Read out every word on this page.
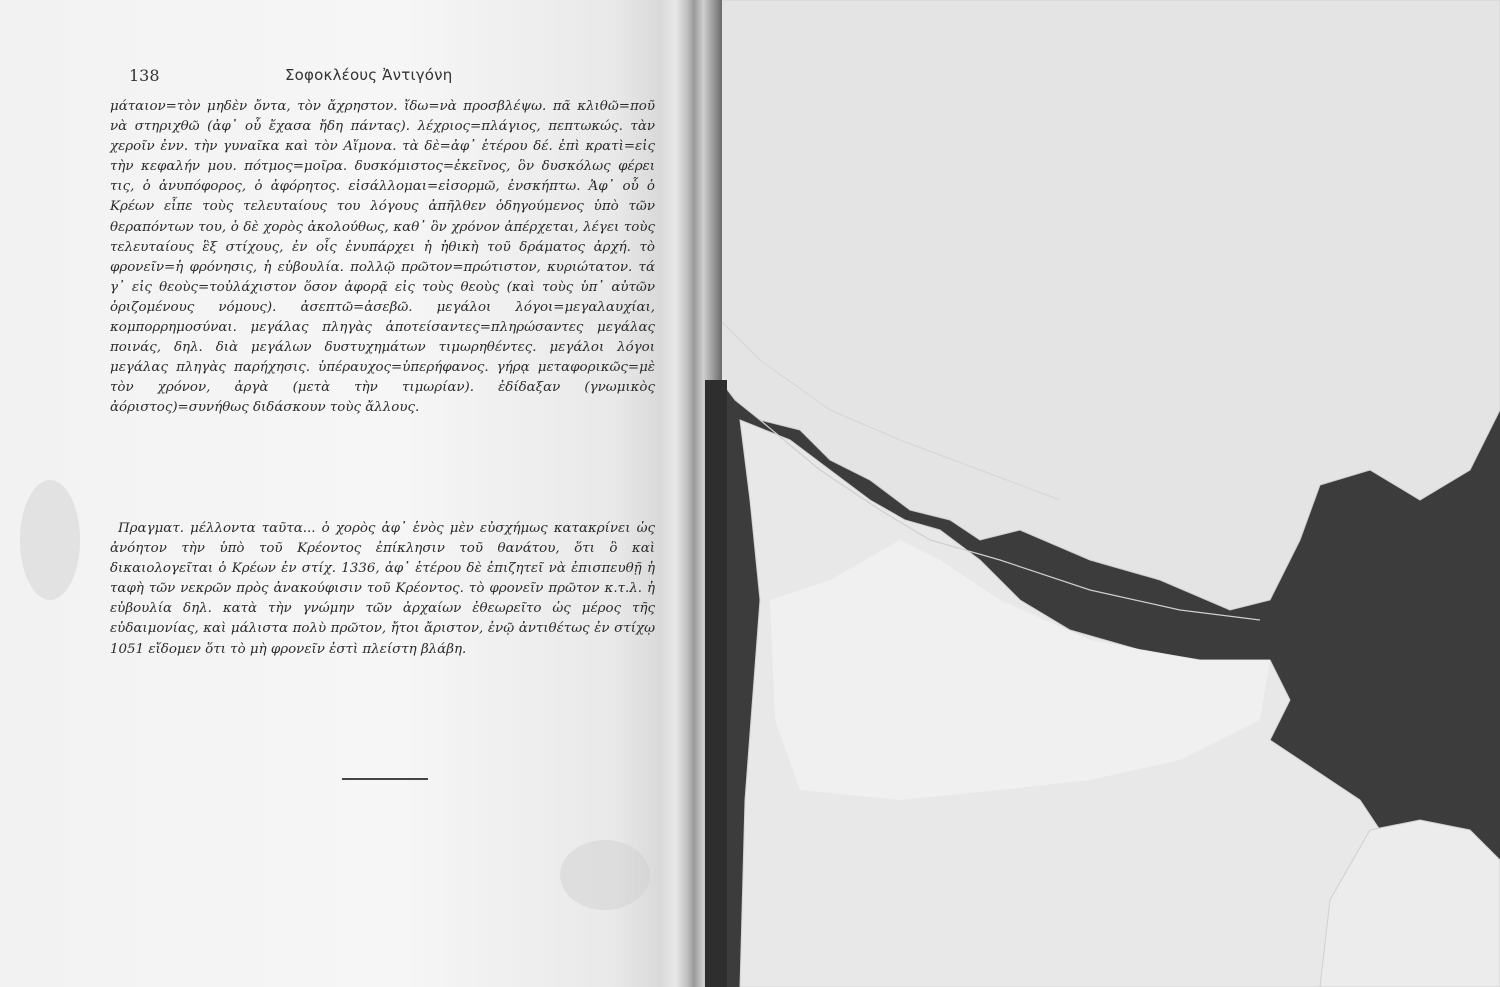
138	Σοφοκλέους Ἀντιγόνη

μάταιον=τὸν μηδὲν ὄντα, τὸν ἄχρηστον. ἴδω=νὰ προσβλέψω. πᾶ κλιθῶ=ποῦ νὰ στηριχθῶ (ἀφ᾽ οὗ ἔχασα ἤδη πάντας). λέχριος=πλάγιος, πεπτωκώς. τὰν χεροῖν ἐνν. τὴν γυναῖκα καὶ τὸν Αἵμονα. τὰ δὲ=ἀφ᾽ ἑτέρου δέ. ἐπὶ κρατὶ=εἰς τὴν κεφαλήν μου. πότμος=μοῖρα. δυσκόμιστος=ἐκεῖνος, ὃν δυσκόλως φέρει τις, ὁ ἀνυπόφορος, ὁ ἀφόρητος. εἰσάλλομαι=εἰσορμῶ, ἐνσκήπτω. Ἀφ᾽ οὗ ὁ Κρέων εἶπε τοὺς τελευταίους του λόγους ἀπῆλθεν ὁδηγούμενος ὑπὸ τῶν θεραπόντων του, ὁ δὲ χορὸς ἀκολούθως, καθ᾽ ὃν χρόνον ἀπέρχεται, λέγει τοὺς τελευταίους ἓξ στίχους, ἐν οἷς ἐνυπάρχει ἡ ἠθικὴ τοῦ δράματος ἀρχή. τὸ φρονεῖν=ἡ φρόνησις, ἡ εὐβουλία. πολλῷ πρῶτον=πρώτιστον, κυριώτατον. τά γ᾽ εἰς θεοὺς=τοὐλάχιστον ὅσον ἀφορᾷ εἰς τοὺς θεοὺς (καὶ τοὺς ὑπ᾽ αὐτῶν ὁριζομένους νόμους). ἀσεπτῶ=ἀσεβῶ. μεγάλοι λόγοι=μεγαλαυχίαι, κομπορρημοσύναι. μεγάλας πληγὰς ἀποτείσαντες=πληρώσαντες μεγάλας ποινάς, δηλ. διὰ μεγάλων δυστυχημάτων τιμωρηθέντες. μεγάλοι λόγοι μεγάλας πληγὰς παρήχησις. ὑπέραυχος=ὑπερήφανος. γήρᾳ μεταφορικῶς=μὲ τὸν χρόνον, ἀργὰ (μετὰ τὴν τιμωρίαν). ἐδίδαξαν (γνωμικὸς ἀόριστος)=συνήθως διδάσκουν τοὺς ἄλλους.

Πραγματ. μέλλοντα ταῦτα... ὁ χορὸς ἀφ᾽ ἑνὸς μὲν εὐσχήμως κατακρίνει ὡς ἀνόητον τὴν ὑπὸ τοῦ Κρέοντος ἐπίκλησιν τοῦ θανάτου, ὅτι ὃ καὶ δικαιολογεῖται ὁ Κρέων ἐν στίχ. 1336, ἀφ᾽ ἑτέρου δὲ ἐπιζητεῖ νὰ ἐπισπευθῇ ἡ ταφὴ τῶν νεκρῶν πρὸς ἀνακούφισιν τοῦ Κρέοντος. τὸ φρονεῖν πρῶτον κ.τ.λ. ἡ εὐβουλία δηλ. κατὰ τὴν γνώμην τῶν ἀρχαίων ἐθεωρεῖτο ὡς μέρος τῆς εὐδαιμονίας, καὶ μάλιστα πολὺ πρῶτον, ἤτοι ἄριστον, ἐνῷ ἀντιθέτως ἐν στίχῳ 1051 εἴδομεν ὅτι τὸ μὴ φρονεῖν ἐστὶ πλείστη βλάβη.
